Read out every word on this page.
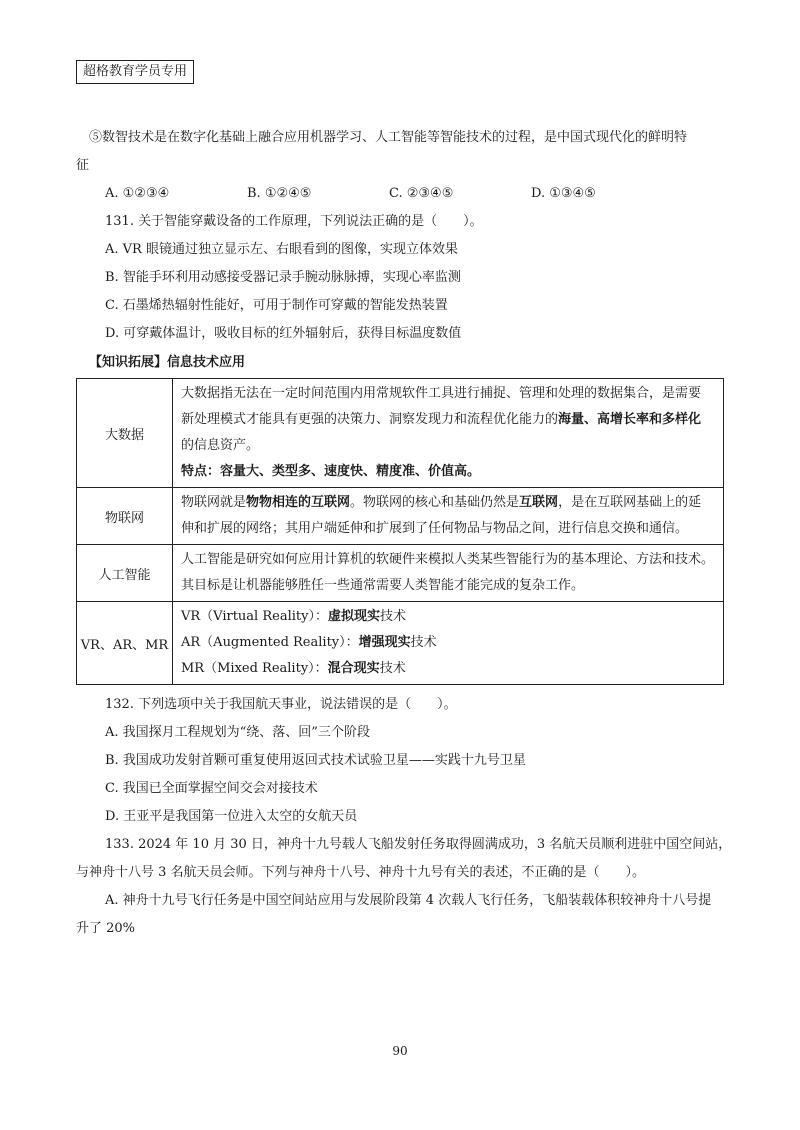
超格教育学员专用

⑤数智技术是在数字化基础上融合应用机器学习、人工智能等智能技术的过程，是中国式现代化的鲜明特

征

A. ①②③④	B. ①②④⑤	C. ②③④⑤	D. ①③④⑤

131. 关于智能穿戴设备的工作原理，下列说法正确的是（　　）。

A. VR 眼镜通过独立显示左、右眼看到的图像，实现立体效果

B. 智能手环利用动感接受器记录手腕动脉脉搏，实现心率监测

C. 石墨烯热辐射性能好，可用于制作可穿戴的智能发热装置

D. 可穿戴体温计，吸收目标的红外辐射后，获得目标温度数值

【知识拓展】信息技术应用

大数据	大数据指无法在一定时间范围内用常规软件工具进行捕捉、管理和处理的数据集合，是需要
新处理模式才能具有更强的决策力、洞察发现力和流程优化能力的海量、高增长率和多样化
的信息资产。
特点：容量大、类型多、速度快、精度准、价值高。

物联网	物联网就是物物相连的互联网。物联网的核心和基础仍然是互联网，是在互联网基础上的延
伸和扩展的网络；其用户端延伸和扩展到了任何物品与物品之间，进行信息交换和通信。

人工智能	人工智能是研究如何应用计算机的软硬件来模拟人类某些智能行为的基本理论、方法和技术。
其目标是让机器能够胜任一些通常需要人类智能才能完成的复杂工作。

VR、AR、MR	VR（Virtual Reality）：虚拟现实技术
AR（Augmented Reality）：增强现实技术
MR（Mixed Reality）：混合现实技术

132. 下列选项中关于我国航天事业，说法错误的是（　　）。

A. 我国探月工程规划为“绕、落、回”三个阶段

B. 我国成功发射首颗可重复使用返回式技术试验卫星——实践十九号卫星

C. 我国已全面掌握空间交会对接技术

D. 王亚平是我国第一位进入太空的女航天员

133. 2024 年 10 月 30 日，神舟十九号载人飞船发射任务取得圆满成功，3 名航天员顺利进驻中国空间站，

与神舟十八号 3 名航天员会师。下列与神舟十八号、神舟十九号有关的表述，不正确的是（　　）。

A. 神舟十九号飞行任务是中国空间站应用与发展阶段第 4 次载人飞行任务，飞船装载体积较神舟十八号提

升了 20%

90
